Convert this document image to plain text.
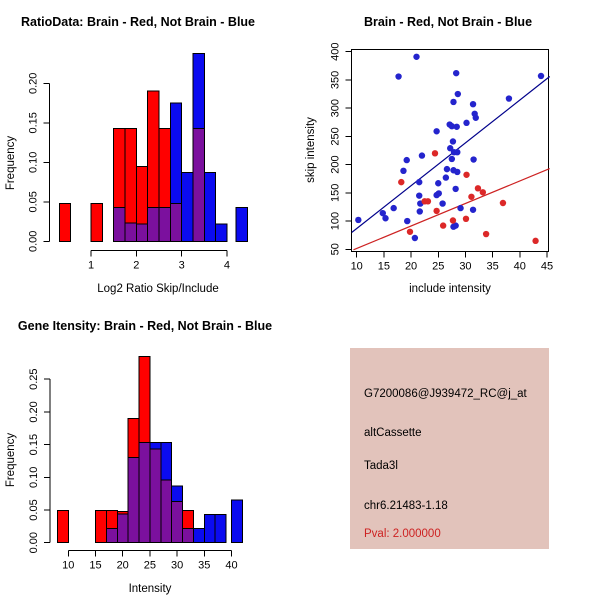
RatioData: Brain - Red, Not Brain - Blue
Log2 Ratio Skip/Include
Frequency
1	2	3	4
0.00
0.05
0.10
0.15
0.20
Brain - Red, Not Brain - Blue
include intensity
skip intensity
10 15 20 25 30 35 40 45
50
100
150
200
250
300
350
400
Gene Itensity: Brain - Red, Not Brain - Blue
Intensity
Frequency
10 15 20 25 30 35 40
0.00
0.05
0.10
0.15
0.20
0.25
G7200086@J939472_RC@j_at
altCassette
Tada3l
chr6.21483-1.18
Pval: 2.000000
